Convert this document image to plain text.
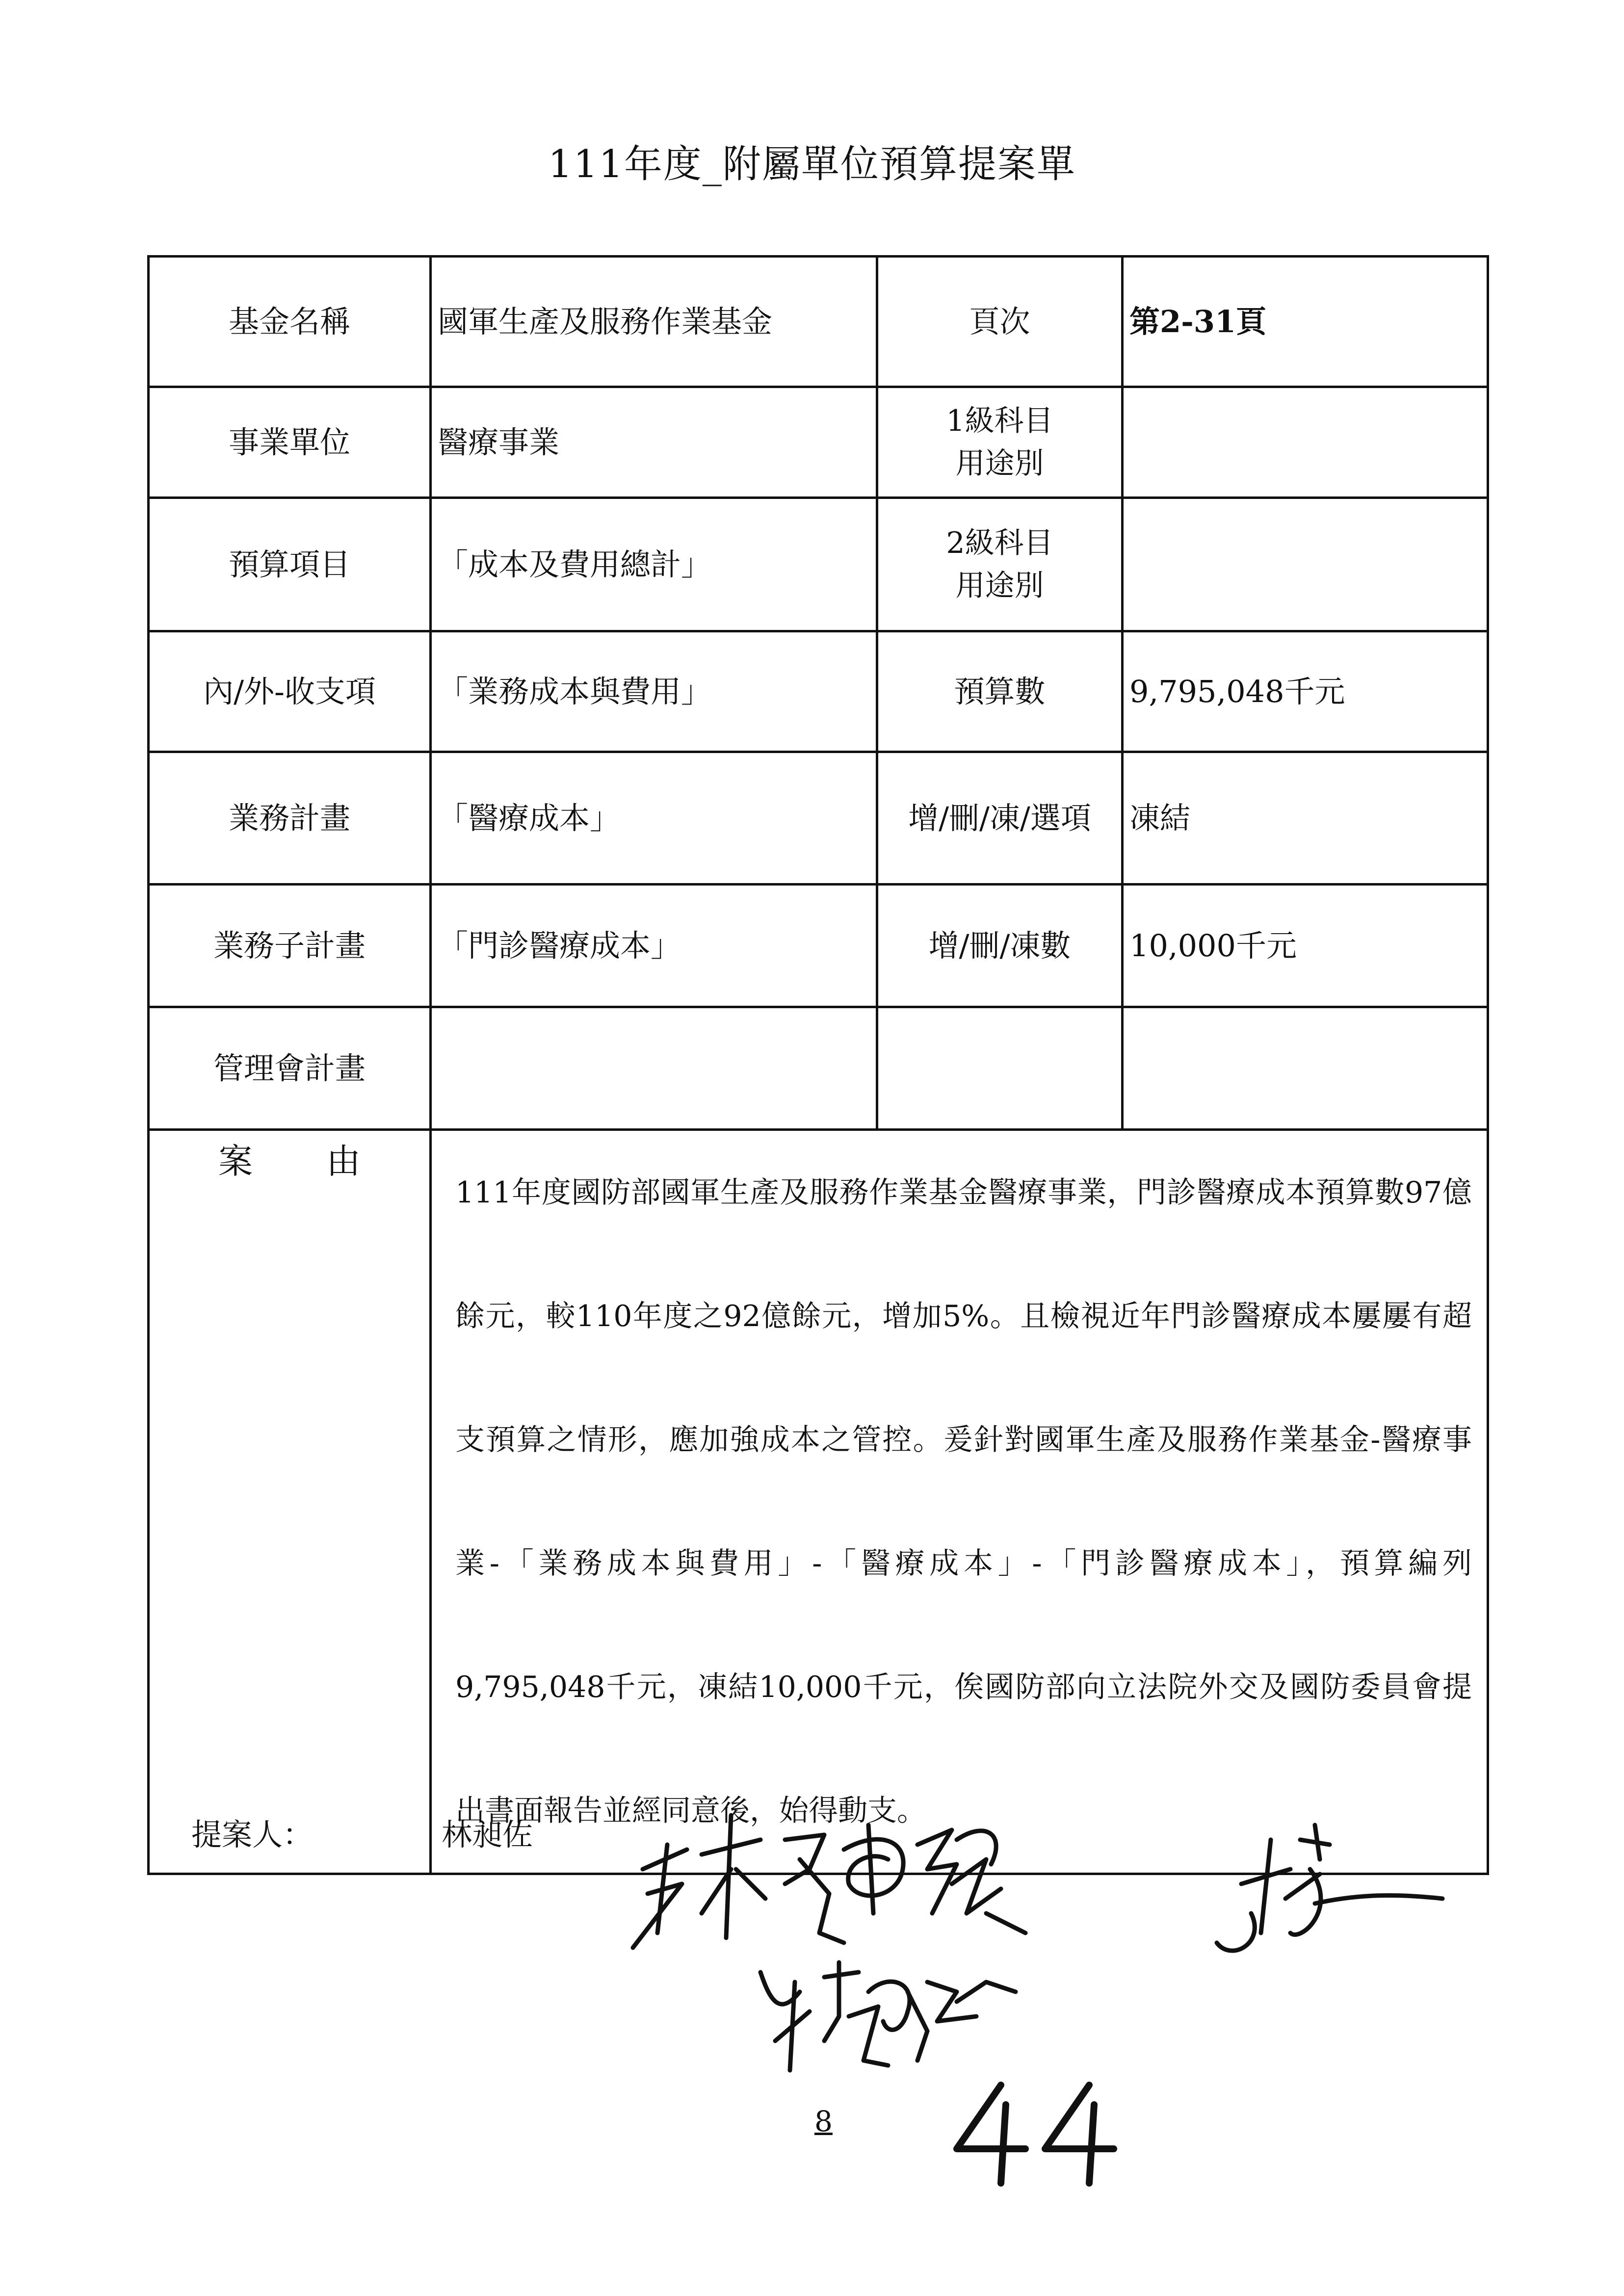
111年度_附屬單位預算提案單
基金名稱	國軍生產及服務作業基金	頁次	第2-31頁
事業單位	醫療事業	1級科目
用途別	

預算項目	「成本及費用總計」	2級科目
用途別	

內/外-收支項	「業務成本與費用」	預算數	9,795,048千元
業務計畫	「醫療成本」	增/刪/凍/選項	凍結
業務子計畫	「門診醫療成本」	增/刪/凍數	10,000千元
管理會計畫			
案 由	111年度國防部國軍生產及服務作業基金醫療事業，門診醫療成本預算數97億餘元，較110年度之92億餘元，增加5%。且檢視近年門診醫療成本屢屢有超支預算之情形，應加強成本之管控。爰針對國軍生產及服務作業基金-醫療事業-「業務成本與費用」-「醫療成本」-「門診醫療成本」，預算編列9,795,048千元，凍結10,000千元，俟國防部向立法院外交及國防委員會提出書面報告並經同意後，始得動支。		
提案人：	林昶佐
8
